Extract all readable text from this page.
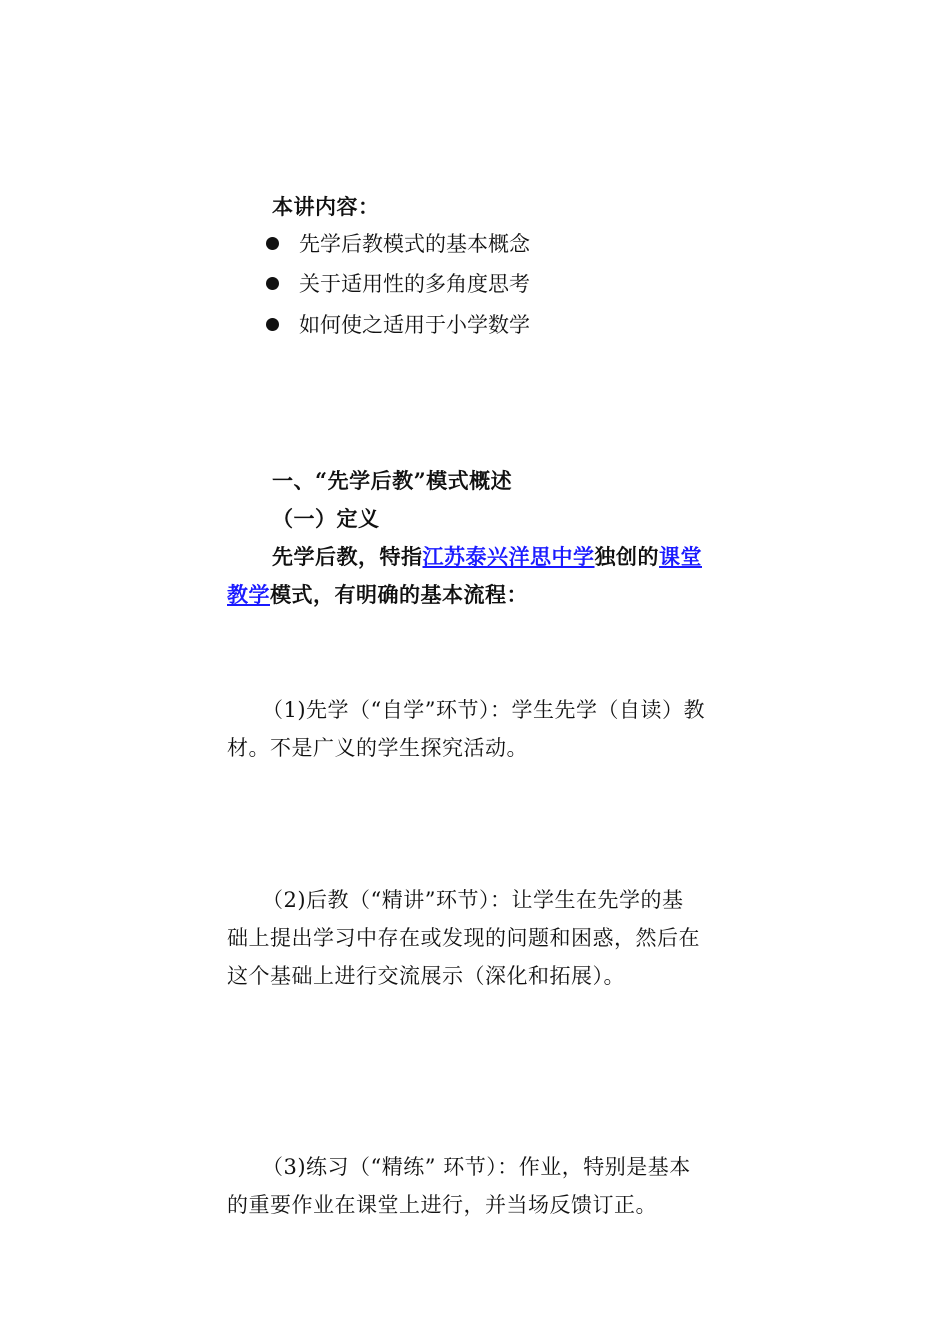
本讲内容：
先学后教模式的基本概念
关于适用性的多角度思考
如何使之适用于小学数学
一、“先学后教”模式概述
（一）定义
先学后教，特指江苏泰兴洋思中学独创的课堂
教学模式，有明确的基本流程：
（1)先学（“自学”环节）：学生先学（自读）教
材。不是广义的学生探究活动。
（2)后教（“精讲”环节）：让学生在先学的基
础上提出学习中存在或发现的问题和困惑，然后在
这个基础上进行交流展示（深化和拓展）。
（3)练习（“精练” 环节）：作业，特别是基本
的重要作业在课堂上进行，并当场反馈订正。
